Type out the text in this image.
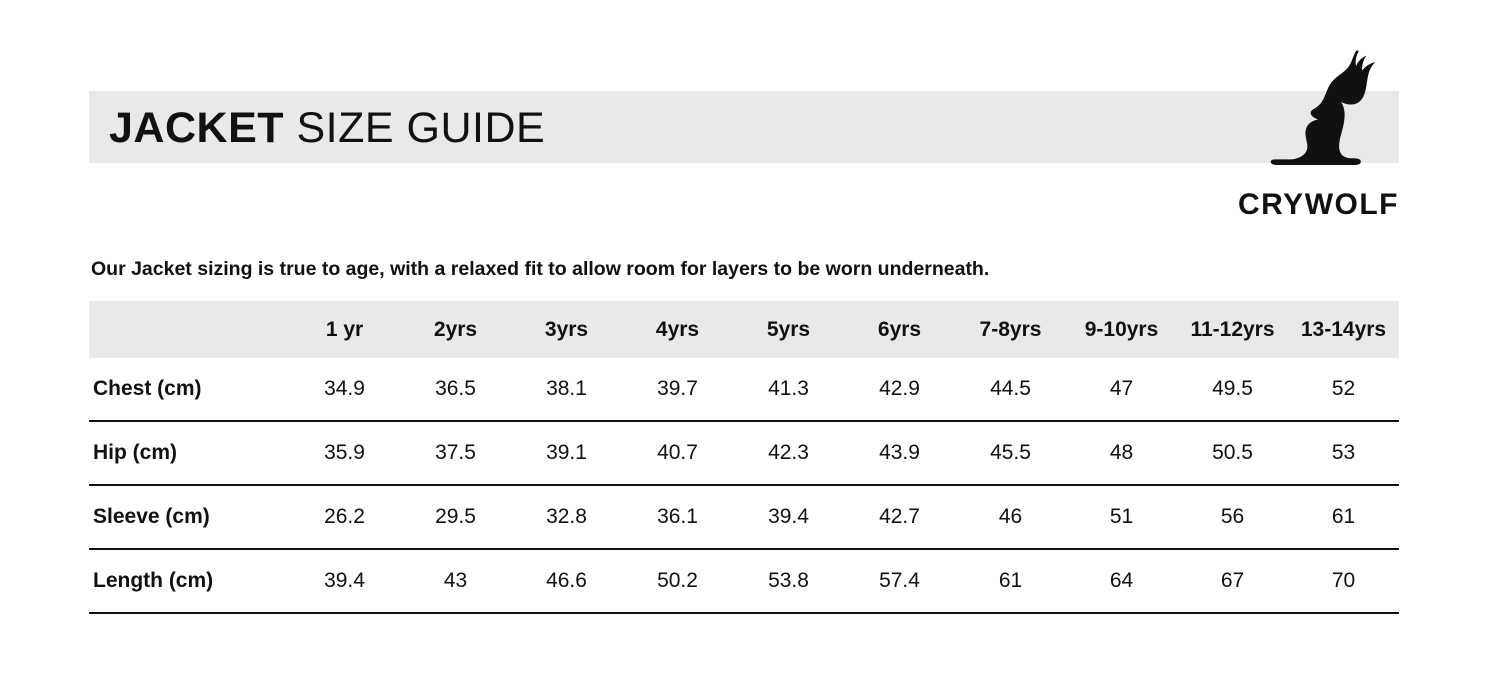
JACKET SIZE GUIDE
CRYWOLF
Our Jacket sizing is true to age, with a relaxed fit to allow room for layers to be worn underneath.
	1 yr	2yrs	3yrs	4yrs	5yrs	6yrs	7-8yrs	9-10yrs	11-12yrs	13-14yrs
Chest (cm)	34.9	36.5	38.1	39.7	41.3	42.9	44.5	47	49.5	52
Hip (cm)	35.9	37.5	39.1	40.7	42.3	43.9	45.5	48	50.5	53
Sleeve (cm)	26.2	29.5	32.8	36.1	39.4	42.7	46	51	56	61
Length (cm)	39.4	43	46.6	50.2	53.8	57.4	61	64	67	70
